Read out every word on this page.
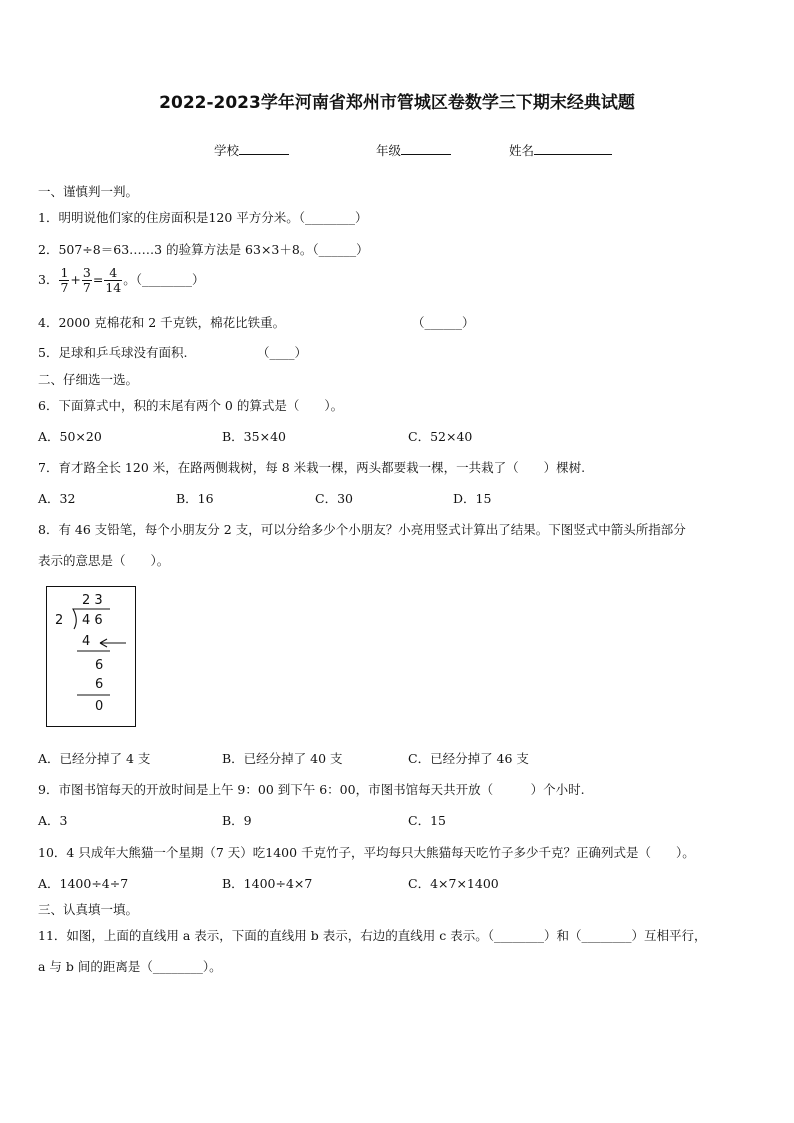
2022-2023学年河南省郑州市管城区卷数学三下期末经典试题
学校	年级	姓名
一、谨慎判一判。
1．明明说他们家的住房面积是120 平方分米。（________）
2．507÷8＝63……3 的验算方法是 63×3＋8。（______）
3． $\frac{1}{7} + \frac{3}{7} = \frac{4}{14}$ 。（________）
4．2000 克棉花和 2 千克铁，棉花比铁重。	（______）
5．足球和乒乓球没有面积.	（____）
二、仔细选一选。
6．下面算式中，积的末尾有两个 0 的算式是（　　）。
A．50×20	B．35×40	C．52×40
7．育才路全长 120 米，在路两侧栽树，每 8 米栽一棵，两头都要栽一棵，一共栽了（　　）棵树.
A．32	B．16	C．30	D．15
8．有 46 支铅笔，每个小朋友分 2 支，可以分给多少个小朋友？小亮用竖式计算出了结果。下图竖式中箭头所指部分
表示的意思是（　　）。
2 3
2 4 6
4
6
6
0
A．已经分掉了 4 支	B．已经分掉了 40 支	C．已经分掉了 46 支
9．市图书馆每天的开放时间是上午 9：00 到下午 6：00，市图书馆每天共开放（　　　）个小时.
A．3	B．9	C．15
10．4 只成年大熊猫一个星期（7 天）吃1400 千克竹子，平均每只大熊猫每天吃竹子多少千克？正确列式是（　　）。
A．1400÷4÷7	B．1400÷4×7	C．4×7×1400
三、认真填一填。
11．如图，上面的直线用 a 表示，下面的直线用 b 表示，右边的直线用 c 表示。（________）和（________）互相平行，
a 与 b 间的距离是（________）。
